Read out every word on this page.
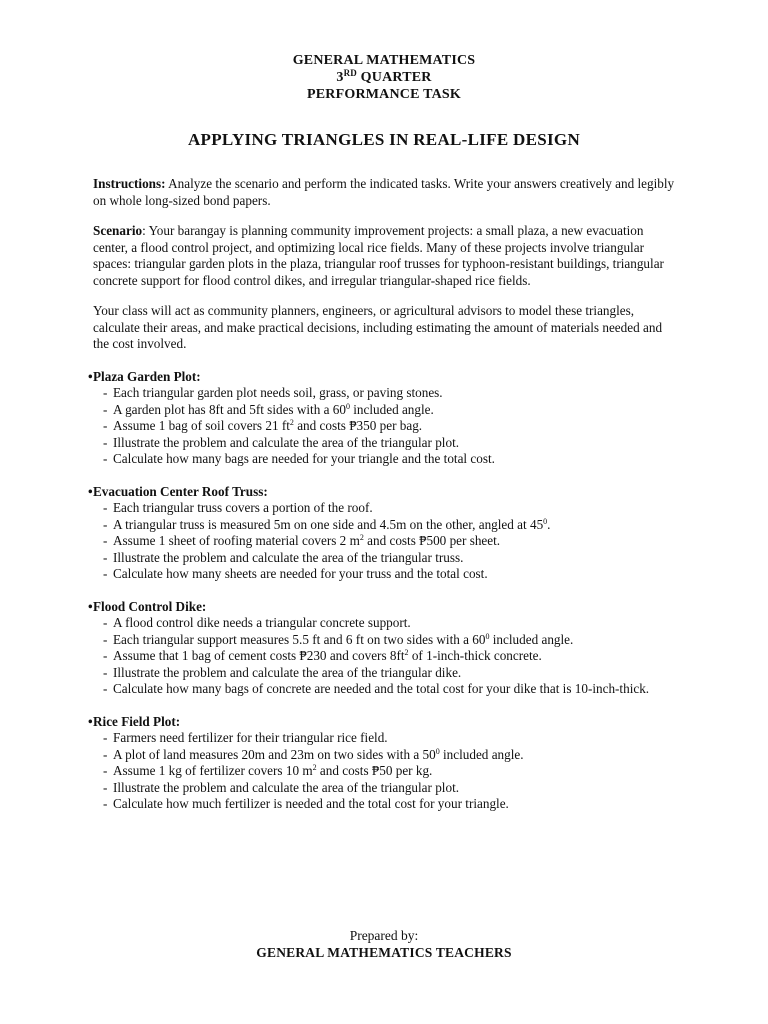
GENERAL MATHEMATICS
3RD QUARTER
PERFORMANCE TASK
APPLYING TRIANGLES IN REAL-LIFE DESIGN

Instructions: Analyze the scenario and perform the indicated tasks. Write your answers creatively and legibly on whole long-sized bond papers.

Scenario: Your barangay is planning community improvement projects: a small plaza, a new evacuation center, a flood control project, and optimizing local rice fields. Many of these projects involve triangular spaces: triangular garden plots in the plaza, triangular roof trusses for typhoon-resistant buildings, triangular concrete support for flood control dikes, and irregular triangular-shaped rice fields.

Your class will act as community planners, engineers, or agricultural advisors to model these triangles, calculate their areas, and make practical decisions, including estimating the amount of materials needed and the cost involved.

•Plaza Garden Plot:
- Each triangular garden plot needs soil, grass, or paving stones.
- A garden plot has 8ft and 5ft sides with a $60^0$ included angle.
- Assume 1 bag of soil covers 21 $ft^2$ and costs ₱350 per bag.
- Illustrate the problem and calculate the area of the triangular plot.
- Calculate how many bags are needed for your triangle and the total cost.
•Evacuation Center Roof Truss:
- Each triangular truss covers a portion of the roof.
- A triangular truss is measured 5m on one side and 4.5m on the other, angled at $45^0$.
- Assume 1 sheet of roofing material covers 2 $m^2$ and costs ₱500 per sheet.
- Illustrate the problem and calculate the area of the triangular truss.
- Calculate how many sheets are needed for your truss and the total cost.
•Flood Control Dike:
- A flood control dike needs a triangular concrete support.
- Each triangular support measures 5.5 ft and 6 ft on two sides with a $60^0$ included angle.
- Assume that 1 bag of cement costs ₱230 and covers $8ft^2$ of 1-inch-thick concrete.
- Illustrate the problem and calculate the area of the triangular dike.
- Calculate how many bags of concrete are needed and the total cost for your dike that is 10-inch-thick.
•Rice Field Plot:
- Farmers need fertilizer for their triangular rice field.
- A plot of land measures 20m and 23m on two sides with a $50^0$ included angle.
- Assume 1 kg of fertilizer covers 10 $m^2$ and costs ₱50 per kg.
- Illustrate the problem and calculate the area of the triangular plot.
- Calculate how much fertilizer is needed and the total cost for your triangle.
Prepared by:
GENERAL MATHEMATICS TEACHERS
